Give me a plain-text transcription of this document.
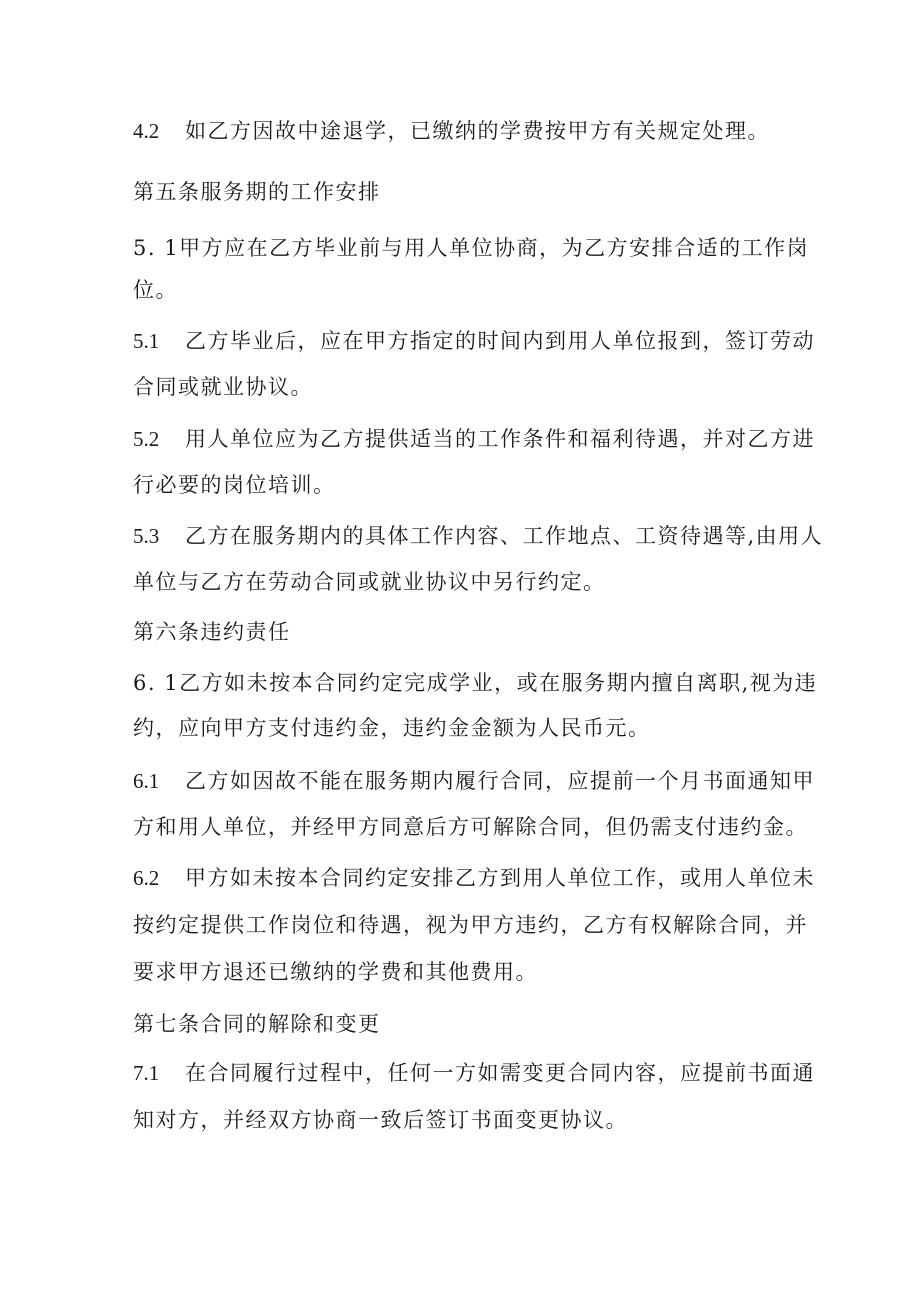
4.2 如乙方因故中途退学，已缴纳的学费按甲方有关规定处理。
第五条服务期的工作安排
5. 1甲方应在乙方毕业前与用人单位协商，为乙方安排合适的工作岗
位。
5.1 乙方毕业后，应在甲方指定的时间内到用人单位报到，签订劳动
合同或就业协议。
5.2 用人单位应为乙方提供适当的工作条件和福利待遇，并对乙方进
行必要的岗位培训。
5.3 乙方在服务期内的具体工作内容、工作地点、工资待遇等,由用人
单位与乙方在劳动合同或就业协议中另行约定。
第六条违约责任
6. 1乙方如未按本合同约定完成学业，或在服务期内擅自离职,视为违
约，应向甲方支付违约金，违约金金额为人民币元。
6.1 乙方如因故不能在服务期内履行合同，应提前一个月书面通知甲
方和用人单位，并经甲方同意后方可解除合同，但仍需支付违约金。
6.2 甲方如未按本合同约定安排乙方到用人单位工作，或用人单位未
按约定提供工作岗位和待遇，视为甲方违约，乙方有权解除合同，并
要求甲方退还已缴纳的学费和其他费用。
第七条合同的解除和变更
7.1 在合同履行过程中，任何一方如需变更合同内容，应提前书面通
知对方，并经双方协商一致后签订书面变更协议。
